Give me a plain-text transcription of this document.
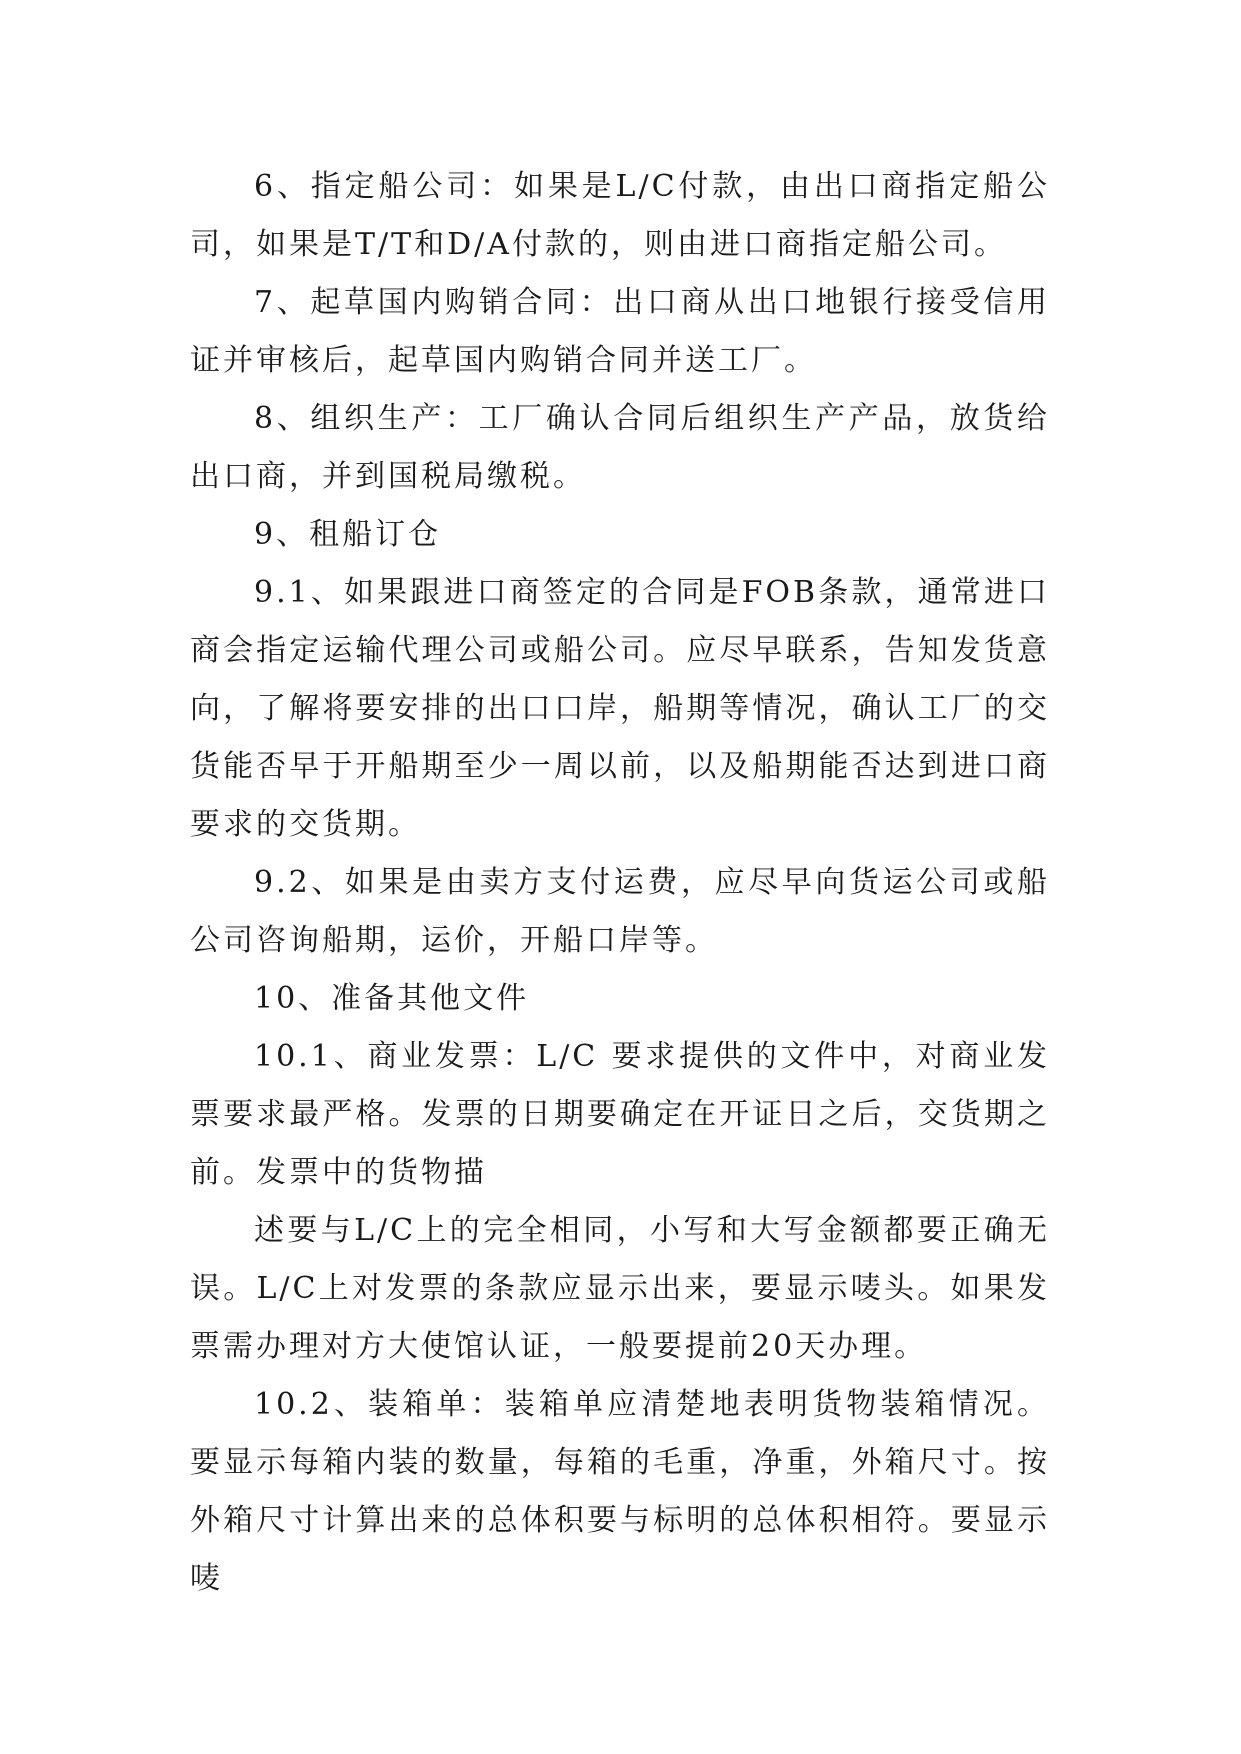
6、指定船公司：如果是L/C付款，由出口商指定船公司，如果是T/T和D/A付款的，则由进口商指定船公司。

7、起草国内购销合同：出口商从出口地银行接受信用证并审核后，起草国内购销合同并送工厂。

8、组织生产：工厂确认合同后组织生产产品，放货给出口商，并到国税局缴税。

9、租船订仓

9.1、如果跟进口商签定的合同是FOB条款，通常进口商会指定运输代理公司或船公司。应尽早联系，告知发货意向，了解将要安排的出口口岸，船期等情况，确认工厂的交货能否早于开船期至少一周以前，以及船期能否达到进口商要求的交货期。

9.2、如果是由卖方支付运费，应尽早向货运公司或船公司咨询船期，运价，开船口岸等。

10、准备其他文件

10.1、商业发票：L/C 要求提供的文件中，对商业发票要求最严格。发票的日期要确定在开证日之后，交货期之前。发票中的货物描

述要与L/C上的完全相同，小写和大写金额都要正确无误。L/C上对发票的条款应显示出来，要显示唛头。如果发票需办理对方大使馆认证，一般要提前20天办理。

10.2、装箱单：装箱单应清楚地表明货物装箱情况。要显示每箱内装的数量，每箱的毛重，净重，外箱尺寸。按外箱尺寸计算出来的总体积要与标明的总体积相符。要显示唛
